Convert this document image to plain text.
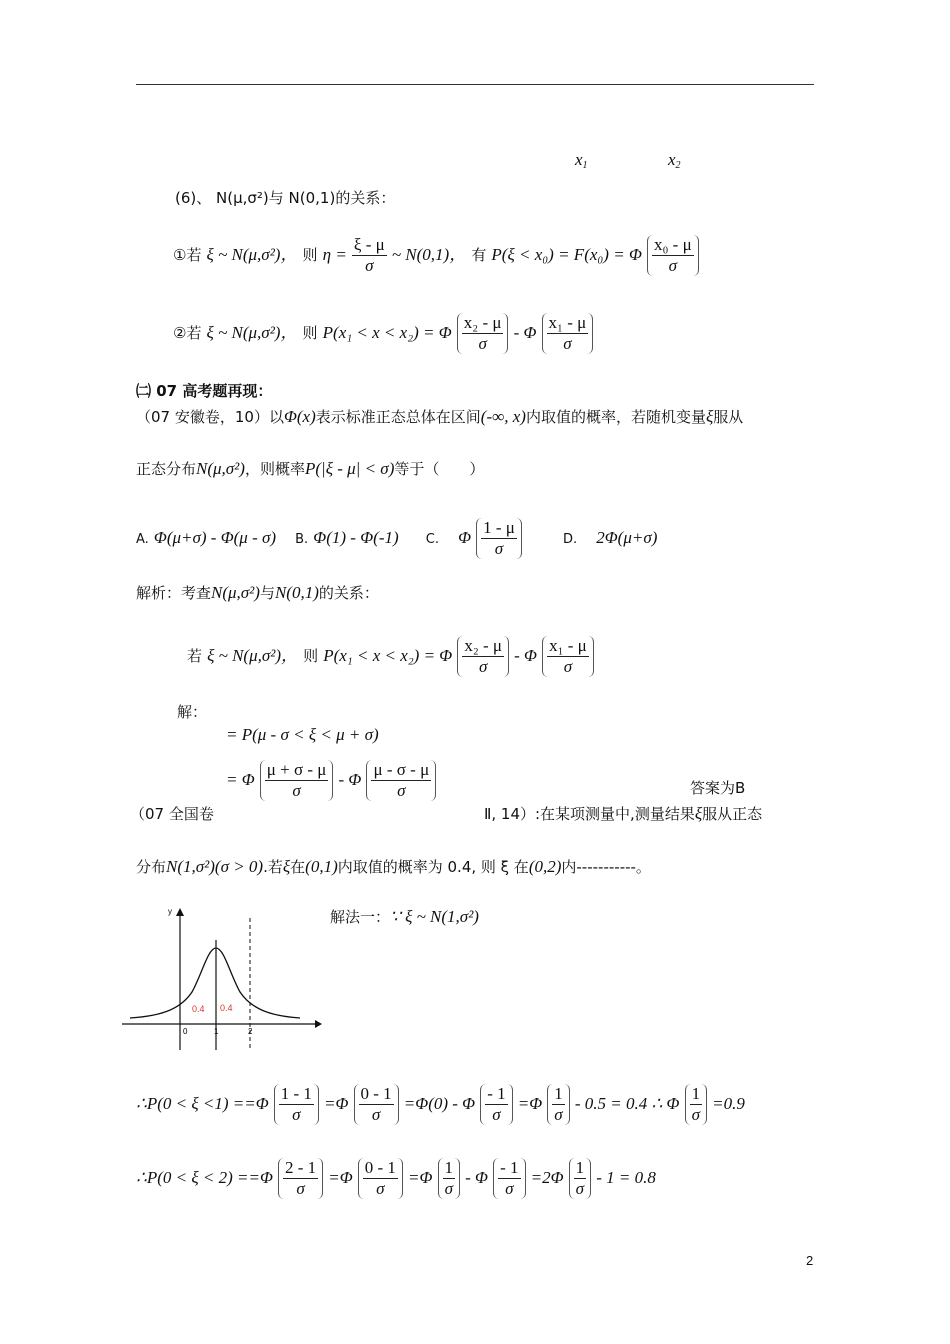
$x_1$	$x_2$
(6)、 N(μ,σ²)与 N(0,1)的关系：
①若 ξ ~ N(μ,σ²)， 则 $\eta = \frac{\xi - \mu}{\sigma}$ ~ N(0,1)， 有 P(ξ < x₀) = F(x₀) = Φ $\frac{\text{x₀ - μ}}{\sigma}$
②若 ξ ~ N(μ,σ²)， 则 P(x₁ < x < x₂) = Φ $\frac{\text{x₂ - μ}}{\sigma}$ - Φ $\frac{\text{x₁ - μ}}{\sigma}$
㈡ 07 高考题再现：
（07 安徽卷，10）以Φ(x)表示标准正态总体在区间(-∞, x)内取值的概率，若随机变量ξ服从
正态分布N(μ,σ²)，则概率P(|ξ - μ| < σ)等于（　　）
A. Φ(μ+σ) - Φ(μ - σ) B. Φ(1) - Φ(-1) C. Φ $\frac{1 - \mu}{\sigma}$	D. 2Φ(μ+σ)
解析：考查N(μ,σ²)与N(0,1)的关系：
若 ξ ~ N(μ,σ²)， 则 P(x₁ < x < x₂) = Φ $\frac{\text{x₂ - μ}}{\sigma}$ - Φ $\frac{\text{x₁ - μ}}{\sigma}$
解：
= P(μ - σ < ξ < μ + σ)
= Φ $\frac{\mu + \sigma - \mu}{\sigma}$ - Φ $\frac{\mu - \sigma - \mu}{\sigma}$	答案为B
（07 全国卷	Ⅱ, 14）:在某项测量中,测量结果ξ服从正态
分布N(1,σ²)(σ > 0).若ξ在(0,1)内取值的概率为 0.4, 则 ξ 在(0,2)内-----------。
解法一：∵ ξ ~ N(1,σ²)
y
0.4 0.4
0	1	2
∴P(0 < $\xi <1) ==\Phi \frac{1 - 1}{\sigma} =\Phi \frac{0 - 1}{\sigma} =\Phi(0) - \Phi \frac{- 1}{\sigma} =\Phi \frac{1}{\sigma} - 0.5 = 0.4$ ∴ Φ $\frac{1}{\sigma} =0.9$
∴P(0 < $\xi < 2) ==\Phi \frac{2 - 1}{\sigma} =\Phi \frac{0 - 1}{\sigma} =\Phi \frac{1}{\sigma} - \Phi \frac{- 1}{\sigma} =2\Phi \frac{1}{\sigma} - 1 = 0.8$
2
